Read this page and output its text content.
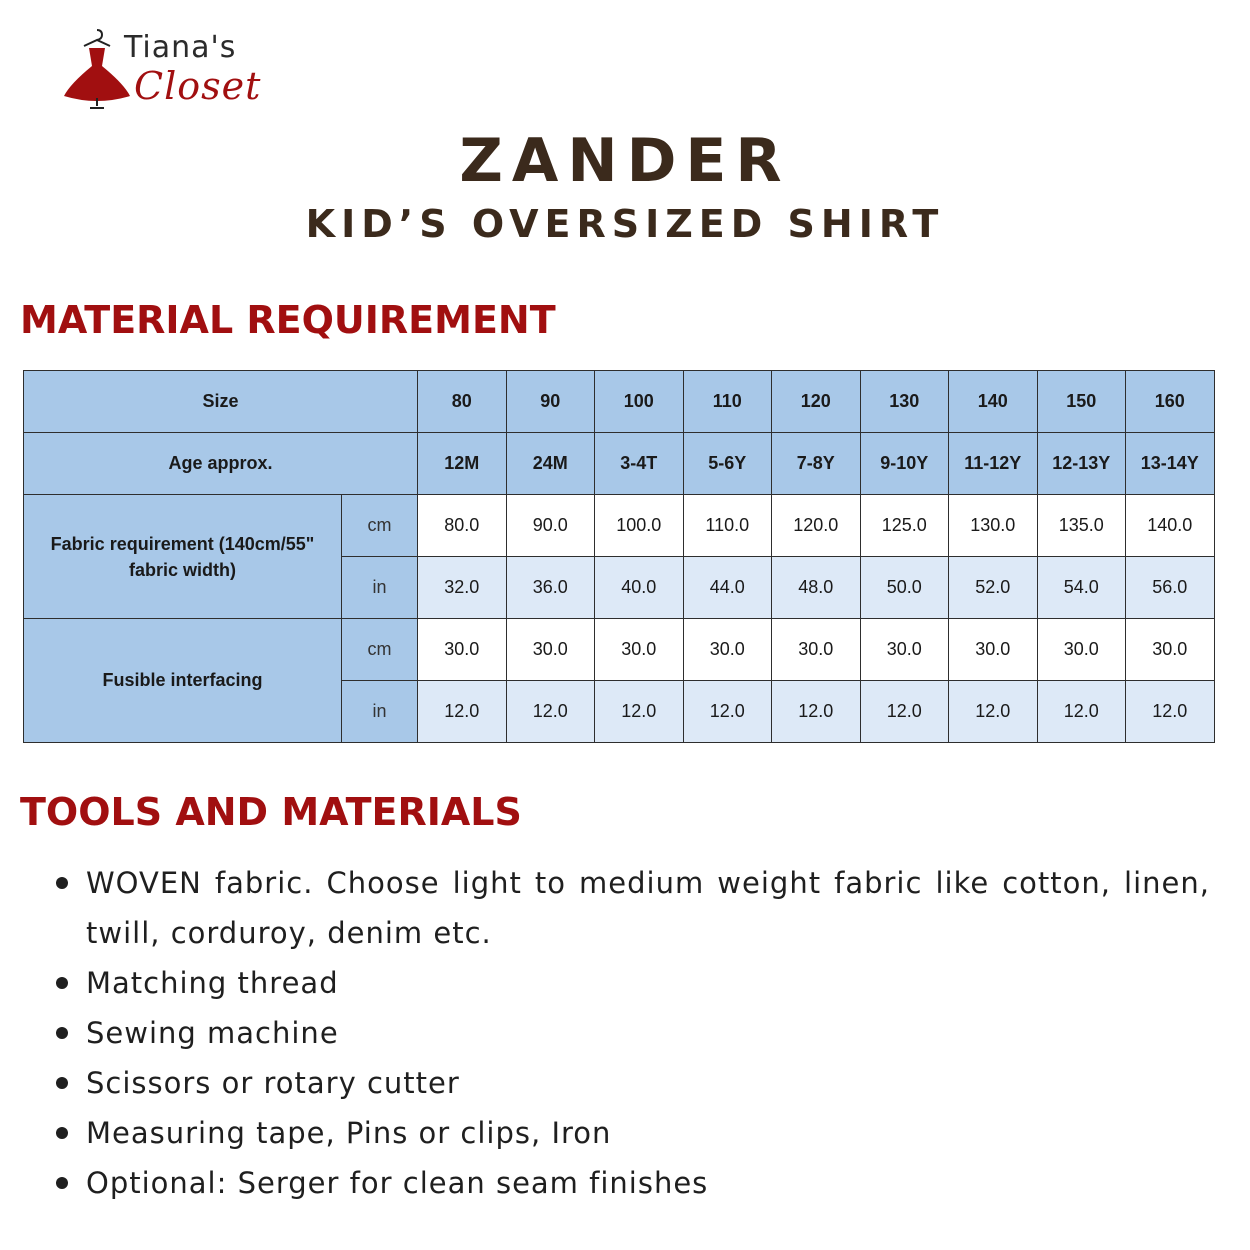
Tiana's
Closet
ZANDER
KID’S OVERSIZED SHIRT
MATERIAL REQUIREMENT
Size		80	90	100	110	120	130	140	150	160
Age approx.		12M	24M	3-4T	5-6Y	7-8Y	9-10Y	11-12Y	12-13Y	13-14Y
Fabric requirement (140cm/55" fabric width)	cm	80.0	90.0	100.0	110.0	120.0	125.0	130.0	135.0	140.0
	in	32.0	36.0	40.0	44.0	48.0	50.0	52.0	54.0	56.0
Fusible interfacing	cm	30.0	30.0	30.0	30.0	30.0	30.0	30.0	30.0	30.0
	in	12.0	12.0	12.0	12.0	12.0	12.0	12.0	12.0	12.0
TOOLS AND MATERIALS
WOVEN fabric. Choose light to medium weight fabric like cotton, linen, twill, corduroy, denim etc.
Matching thread
Sewing machine
Scissors or rotary cutter
Measuring tape, Pins or clips, Iron
Optional: Serger for clean seam finishes
